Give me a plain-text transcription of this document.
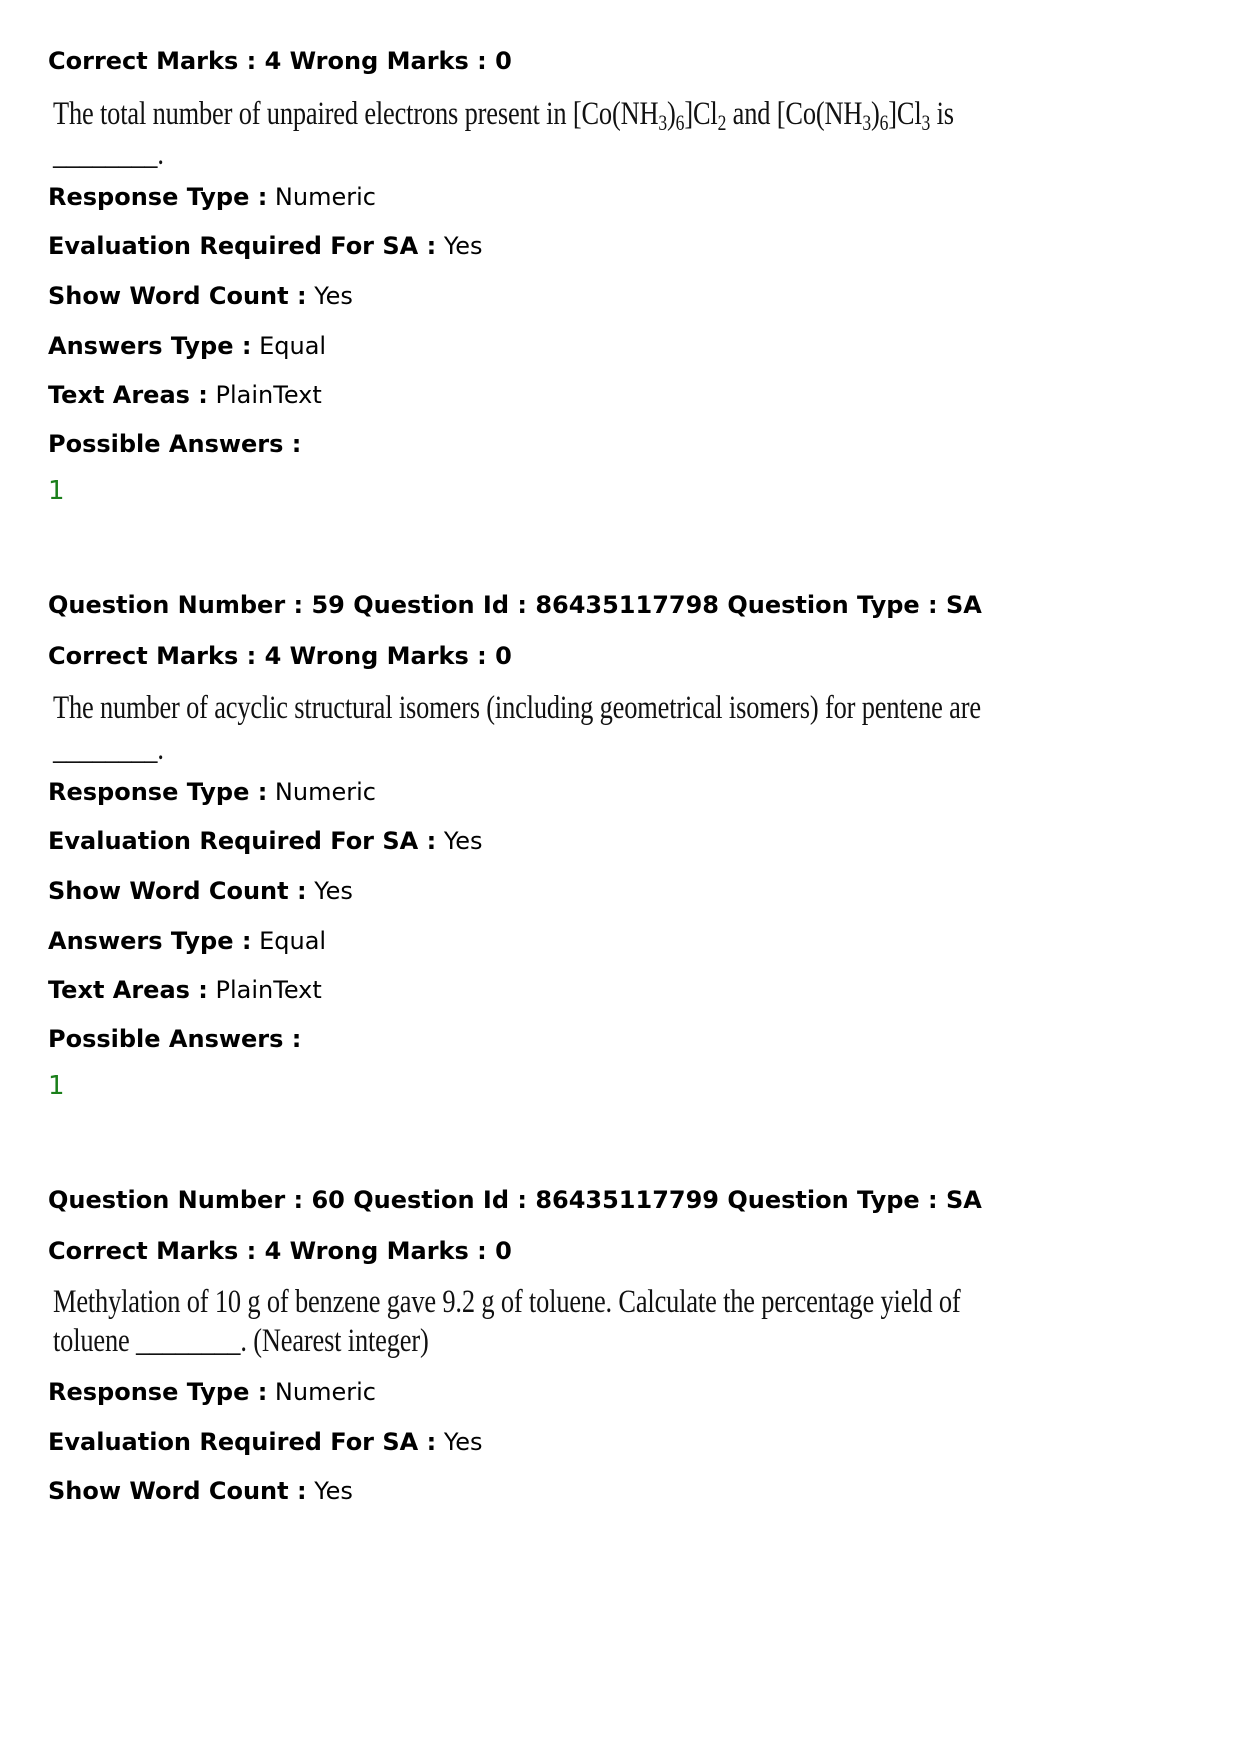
Correct Marks : 4 Wrong Marks : 0
The total number of unpaired electrons present in $[Co(NH_3)_6]Cl_2$ and $[Co(NH_3)_6]Cl_3$ is
________.
Response Type : Numeric
Evaluation Required For SA : Yes
Show Word Count : Yes
Answers Type : Equal
Text Areas : PlainText
Possible Answers :
1
Question Number : 59 Question Id : 86435117798 Question Type : SA
Correct Marks : 4 Wrong Marks : 0
The number of acyclic structural isomers (including geometrical isomers) for pentene are
________.
Response Type : Numeric
Evaluation Required For SA : Yes
Show Word Count : Yes
Answers Type : Equal
Text Areas : PlainText
Possible Answers :
1
Question Number : 60 Question Id : 86435117799 Question Type : SA
Correct Marks : 4 Wrong Marks : 0
Methylation of 10 g of benzene gave 9.2 g of toluene. Calculate the percentage yield of
toluene ________. (Nearest integer)
Response Type : Numeric
Evaluation Required For SA : Yes
Show Word Count : Yes
